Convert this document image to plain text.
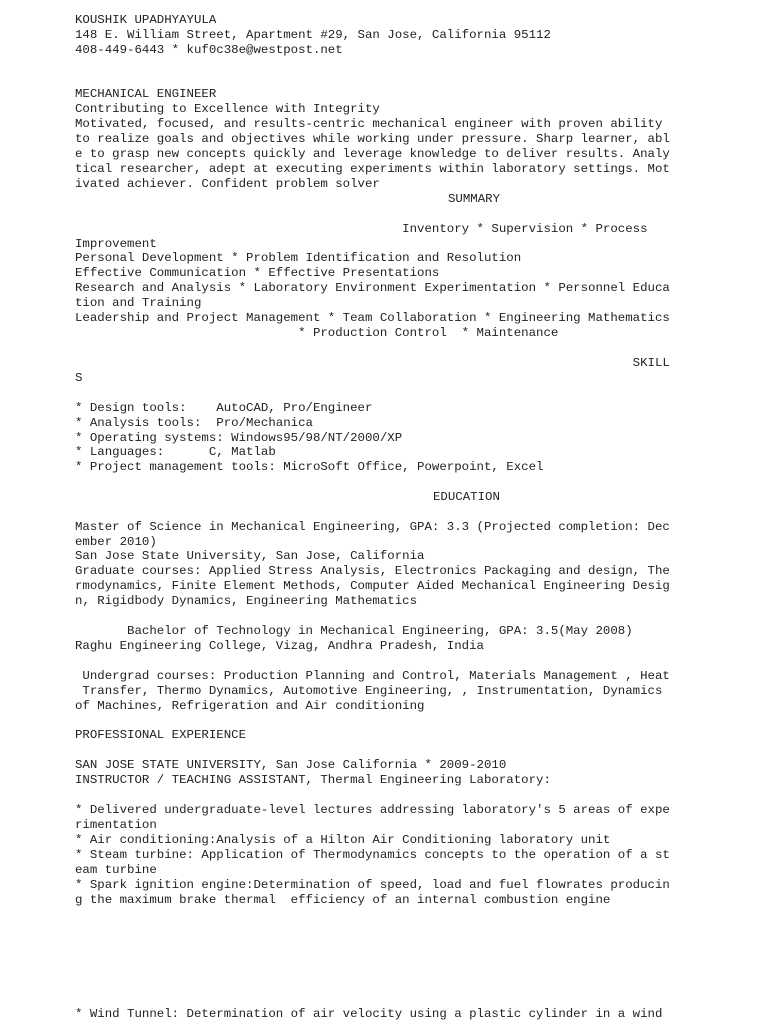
KOUSHIK UPADHYAYULA
148 E. William Street, Apartment #29, San Jose, California 95112
408-449-6443 * kuf0c38e@westpost.net
MECHANICAL ENGINEER
Contributing to Excellence with Integrity
Motivated, focused, and results-centric mechanical engineer with proven ability
to realize goals and objectives while working under pressure. Sharp learner, abl
e to grasp new concepts quickly and leverage knowledge to deliver results. Analy
tical researcher, adept at executing experiments within laboratory settings. Mot
ivated achiever. Confident problem solver
SUMMARY
Inventory * Supervision * Process
Improvement
Personal Development * Problem Identification and Resolution
Effective Communication * Effective Presentations
Research and Analysis * Laboratory Environment Experimentation * Personnel Educa
tion and Training
Leadership and Project Management * Team Collaboration * Engineering Mathematics
* Production Control  * Maintenance
SKILL
S
* Design tools:    AutoCAD, Pro/Engineer
* Analysis tools:  Pro/Mechanica
* Operating systems: Windows95/98/NT/2000/XP
* Languages:      C, Matlab
* Project management tools: MicroSoft Office, Powerpoint, Excel
EDUCATION
Master of Science in Mechanical Engineering, GPA: 3.3 (Projected completion: Dec
ember 2010)
San Jose State University, San Jose, California
Graduate courses: Applied Stress Analysis, Electronics Packaging and design, The
rmodynamics, Finite Element Methods, Computer Aided Mechanical Engineering Desig
n, Rigidbody Dynamics, Engineering Mathematics
Bachelor of Technology in Mechanical Engineering, GPA: 3.5(May 2008)
Raghu Engineering College, Vizag, Andhra Pradesh, India
Undergrad courses: Production Planning and Control, Materials Management , Heat
Transfer, Thermo Dynamics, Automotive Engineering, , Instrumentation, Dynamics
of Machines, Refrigeration and Air conditioning
PROFESSIONAL EXPERIENCE
SAN JOSE STATE UNIVERSITY, San Jose California * 2009-2010
INSTRUCTOR / TEACHING ASSISTANT, Thermal Engineering Laboratory:
* Delivered undergraduate-level lectures addressing laboratory's 5 areas of expe
rimentation
* Air conditioning:Analysis of a Hilton Air Conditioning laboratory unit
* Steam turbine: Application of Thermodynamics concepts to the operation of a st
eam turbine
* Spark ignition engine:Determination of speed, load and fuel flowrates producin
g the maximum brake thermal  efficiency of an internal combustion engine
* Wind Tunnel: Determination of air velocity using a plastic cylinder in a wind
